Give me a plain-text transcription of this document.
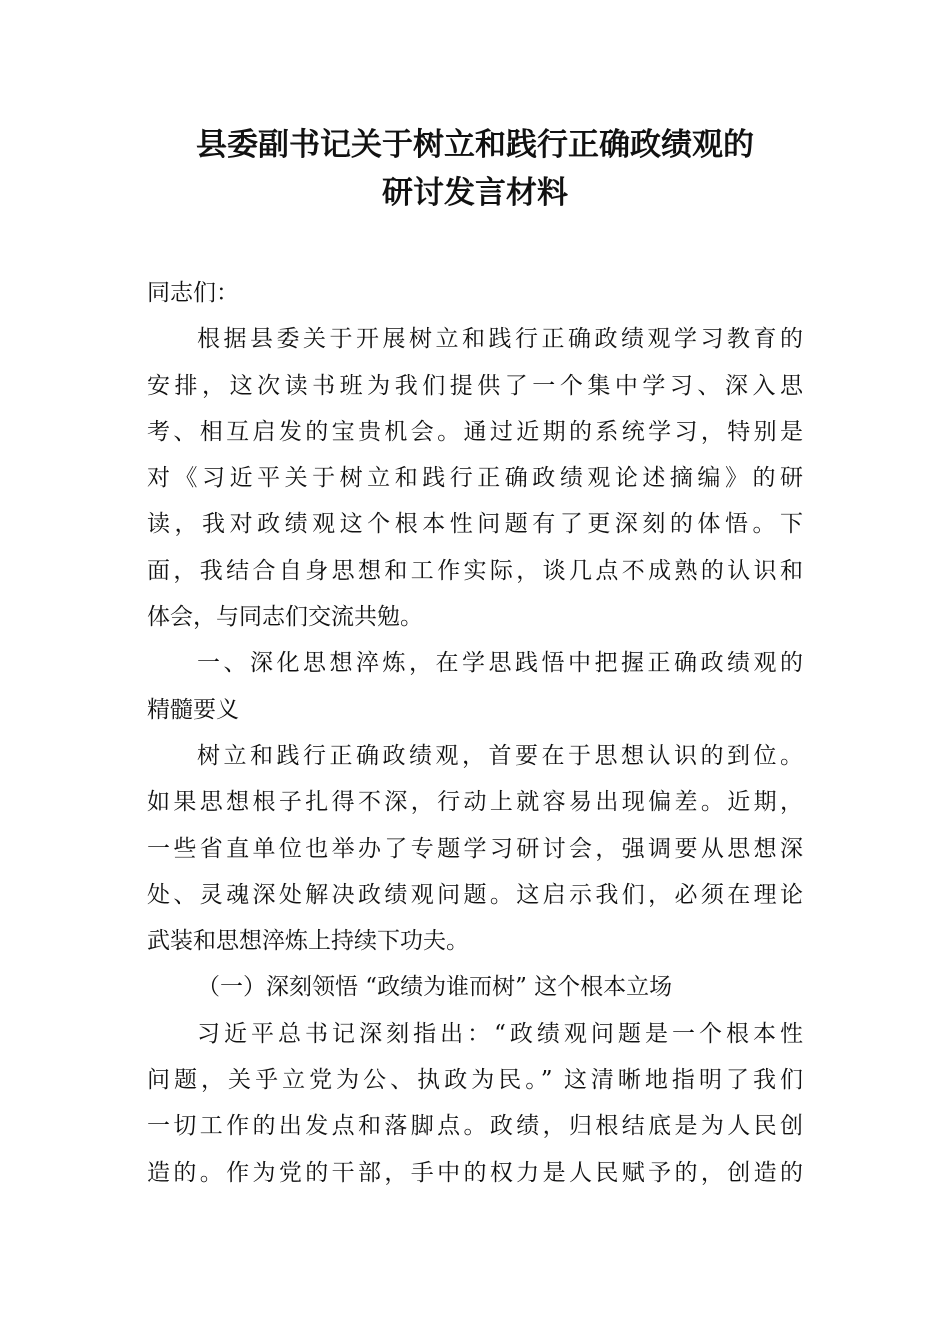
县委副书记关于树立和践行正确政绩观的
研讨发言材料
同志们：
根据县委关于开展树立和践行正确政绩观学习教育的
安排，这次读书班为我们提供了一个集中学习、深入思
考、相互启发的宝贵机会。通过近期的系统学习，特别是
对《习近平关于树立和践行正确政绩观论述摘编》的研
读，我对政绩观这个根本性问题有了更深刻的体悟。下
面，我结合自身思想和工作实际，谈几点不成熟的认识和
体会，与同志们交流共勉。
一、深化思想淬炼，在学思践悟中把握正确政绩观的
精髓要义
树立和践行正确政绩观，首要在于思想认识的到位。
如果思想根子扎得不深，行动上就容易出现偏差。近期，
一些省直单位也举办了专题学习研讨会，强调要从思想深
处、灵魂深处解决政绩观问题。这启示我们，必须在理论
武装和思想淬炼上持续下功夫。
（一）深刻领悟 “政绩为谁而树” 这个根本立场
习近平总书记深刻指出：“政绩观问题是一个根本性
问题，关乎立党为公、执政为民。” 这清晰地指明了我们
一切工作的出发点和落脚点。政绩，归根结底是为人民创
造的。作为党的干部，手中的权力是人民赋予的，创造的
